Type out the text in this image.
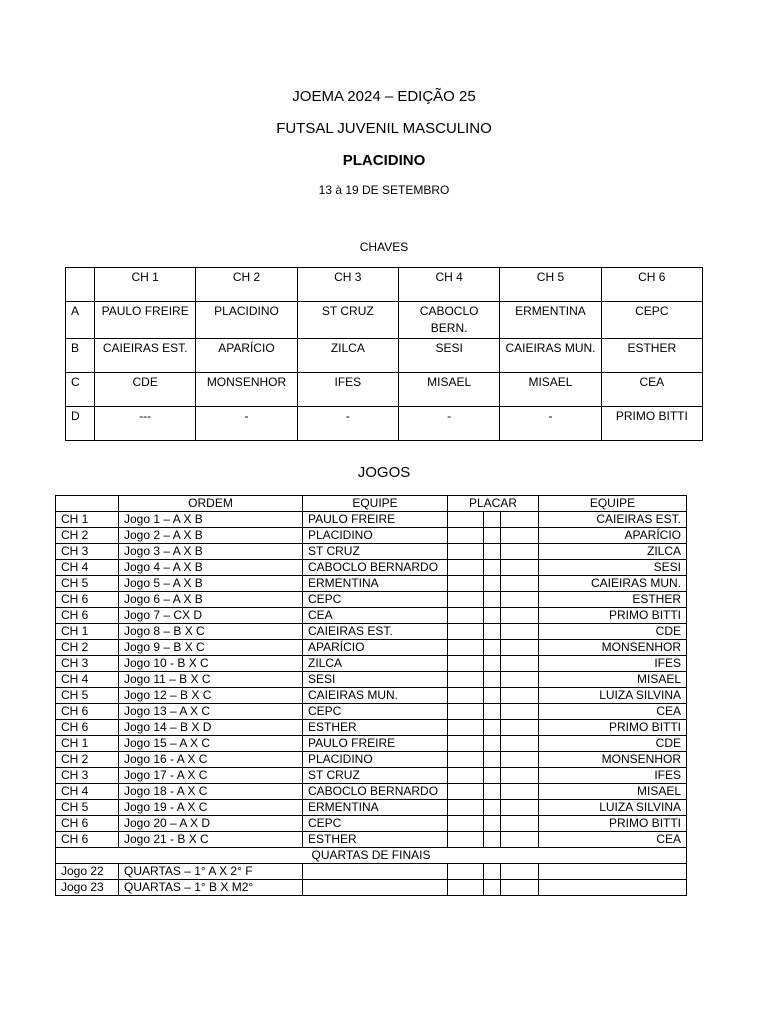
JOEMA 2024 – EDIÇÃO 25
FUTSAL JUVENIL MASCULINO
PLACIDINO
13 à 19 DE SETEMBRO
CHAVES
	CH 1	CH 2	CH 3	CH 4	CH 5	CH 6
A	PAULO FREIRE	PLACIDINO	ST CRUZ	CABOCLO BERN.	ERMENTINA	CEPC
B	CAIEIRAS EST.	APARÍCIO	ZILCA	SESI	CAIEIRAS MUN.	ESTHER
C	CDE	MONSENHOR	IFES	MISAEL	MISAEL	CEA
D	---	-	-	-	-	PRIMO BITTI
JOGOS
	ORDEM	EQUIPE	PLACAR			EQUIPE
CH 1	Jogo 1 – A X B	PAULO FREIRE				CAIEIRAS EST.
CH 2	Jogo 2 – A X B	PLACIDINO				APARÍCIO
CH 3	Jogo 3 – A X B	ST CRUZ				ZILCA
CH 4	Jogo 4 – A X B	CABOCLO BERNARDO				SESI
CH 5	Jogo 5 – A X B	ERMENTINA				CAIEIRAS MUN.
CH 6	Jogo 6 – A X B	CEPC				ESTHER
CH 6	Jogo 7 – CX D	CEA				PRIMO BITTI
CH 1	Jogo 8 – B X C	CAIEIRAS EST.				CDE
CH 2	Jogo 9 – B X C	APARÍCIO				MONSENHOR
CH 3	Jogo 10 - B X C	ZILCA				IFES
CH 4	Jogo 11 – B X C	SESI				MISAEL
CH 5	Jogo 12 – B X C	CAIEIRAS MUN.				LUIZA SILVINA
CH 6	Jogo 13 – A X C	CEPC				CEA
CH 6	Jogo 14 – B X D	ESTHER				PRIMO BITTI
CH 1	Jogo 15 – A X C	PAULO FREIRE				CDE
CH 2	Jogo 16 - A X C	PLACIDINO				MONSENHOR
CH 3	Jogo 17 - A X C	ST CRUZ				IFES
CH 4	Jogo 18 - A X C	CABOCLO BERNARDO				MISAEL
CH 5	Jogo 19 - A X C	ERMENTINA				LUIZA SILVINA
CH 6	Jogo 20 – A X D	CEPC				PRIMO BITTI
CH 6	Jogo 21 - B X C	ESTHER				CEA
QUARTAS DE FINAIS						
Jogo 22	QUARTAS – 1° A X 2° F					
Jogo 23	QUARTAS – 1° B X M2°					
